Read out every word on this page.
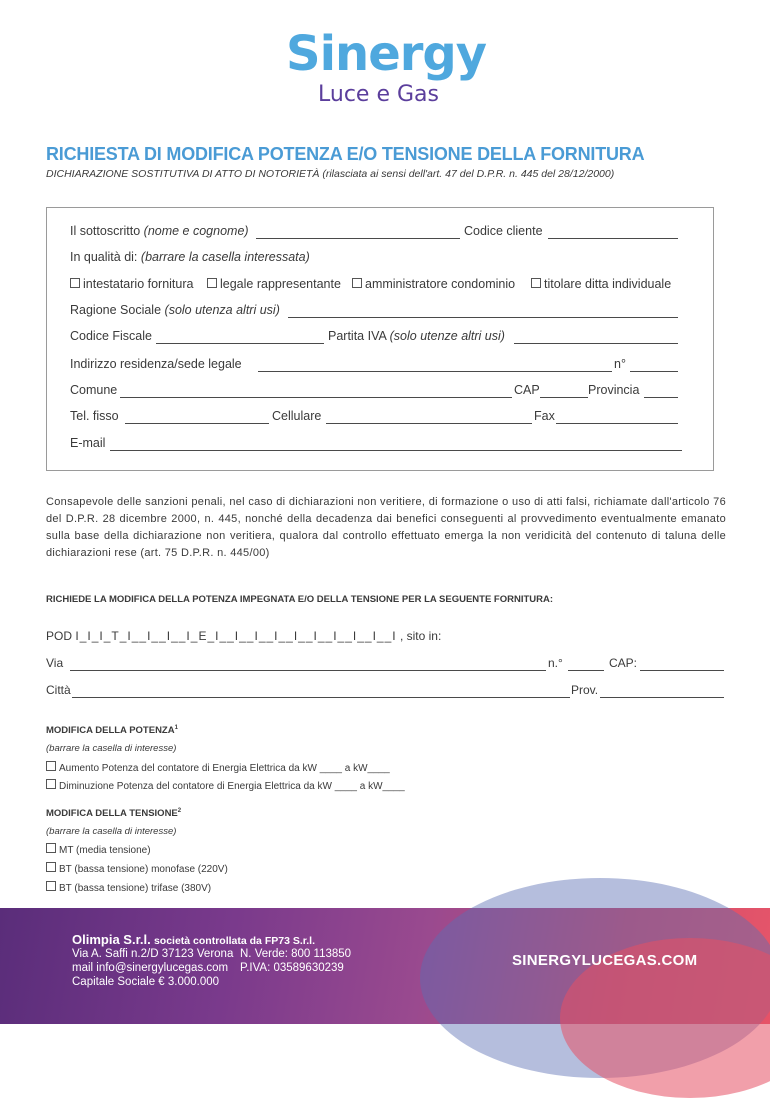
Sinergy
Luce e Gas
RICHIESTA DI MODIFICA POTENZA E/O TENSIONE DELLA FORNITURA
DICHIARAZIONE SOSTITUTIVA DI ATTO DI NOTORIETÀ (rilasciata ai sensi dell'art. 47 del D.P.R. n. 445 del 28/12/2000)
Il sottoscritto (nome e cognome)	Codice cliente
In qualità di: (barrare la casella interessata)
intestatario fornitura	legale rappresentante	amministratore condominio	titolare ditta individuale
Ragione Sociale (solo utenza altri usi)
Codice Fiscale	Partita IVA (solo utenze altri usi)
Indirizzo residenza/sede legale	n°
Comune	CAP	Provincia
Tel. fisso	Cellulare	Fax
E-mail
Consapevole delle sanzioni penali, nel caso di dichiarazioni non veritiere, di formazione o uso di atti falsi, richiamate dall'articolo 76 del D.P.R. 28 dicembre 2000, n. 445, nonché della decadenza dai benefici conseguenti al provvedimento eventualmente emanato sulla base della dichiarazione non veritiera, qualora dal controllo effettuato emerga la non veridicità del contenuto di taluna delle dichiarazioni rese (art. 75 D.P.R. n. 445/00)
RICHIEDE LA MODIFICA DELLA POTENZA IMPEGNATA E/O DELLA TENSIONE PER LA SEGUENTE FORNITURA:
POD I_I_I_T_I__I__I__I_E_I__I__I__I__I__I__I__I__I__I , sito in:
Via	n.°	CAP:
Città	Prov.
MODIFICA DELLA POTENZA$^1$
(barrare la casella di interesse)
Aumento Potenza del contatore di Energia Elettrica da kW ____ a kW____
Diminuzione Potenza del contatore di Energia Elettrica da kW ____ a kW____
MODIFICA DELLA TENSIONE$^2$
(barrare la casella di interesse)
MT (media tensione)
BT (bassa tensione) monofase (220V)
BT (bassa tensione) trifase (380V)
Olimpia S.r.l. società controllata da FP73 S.r.l.
Via A. Saffi n.2/D 37123 Verona N. Verde: 800 113850
mail info@sinergylucegas.com P.IVA: 03589630239
Capitale Sociale € 3.000.000
SINERGYLUCEGAS.COM
